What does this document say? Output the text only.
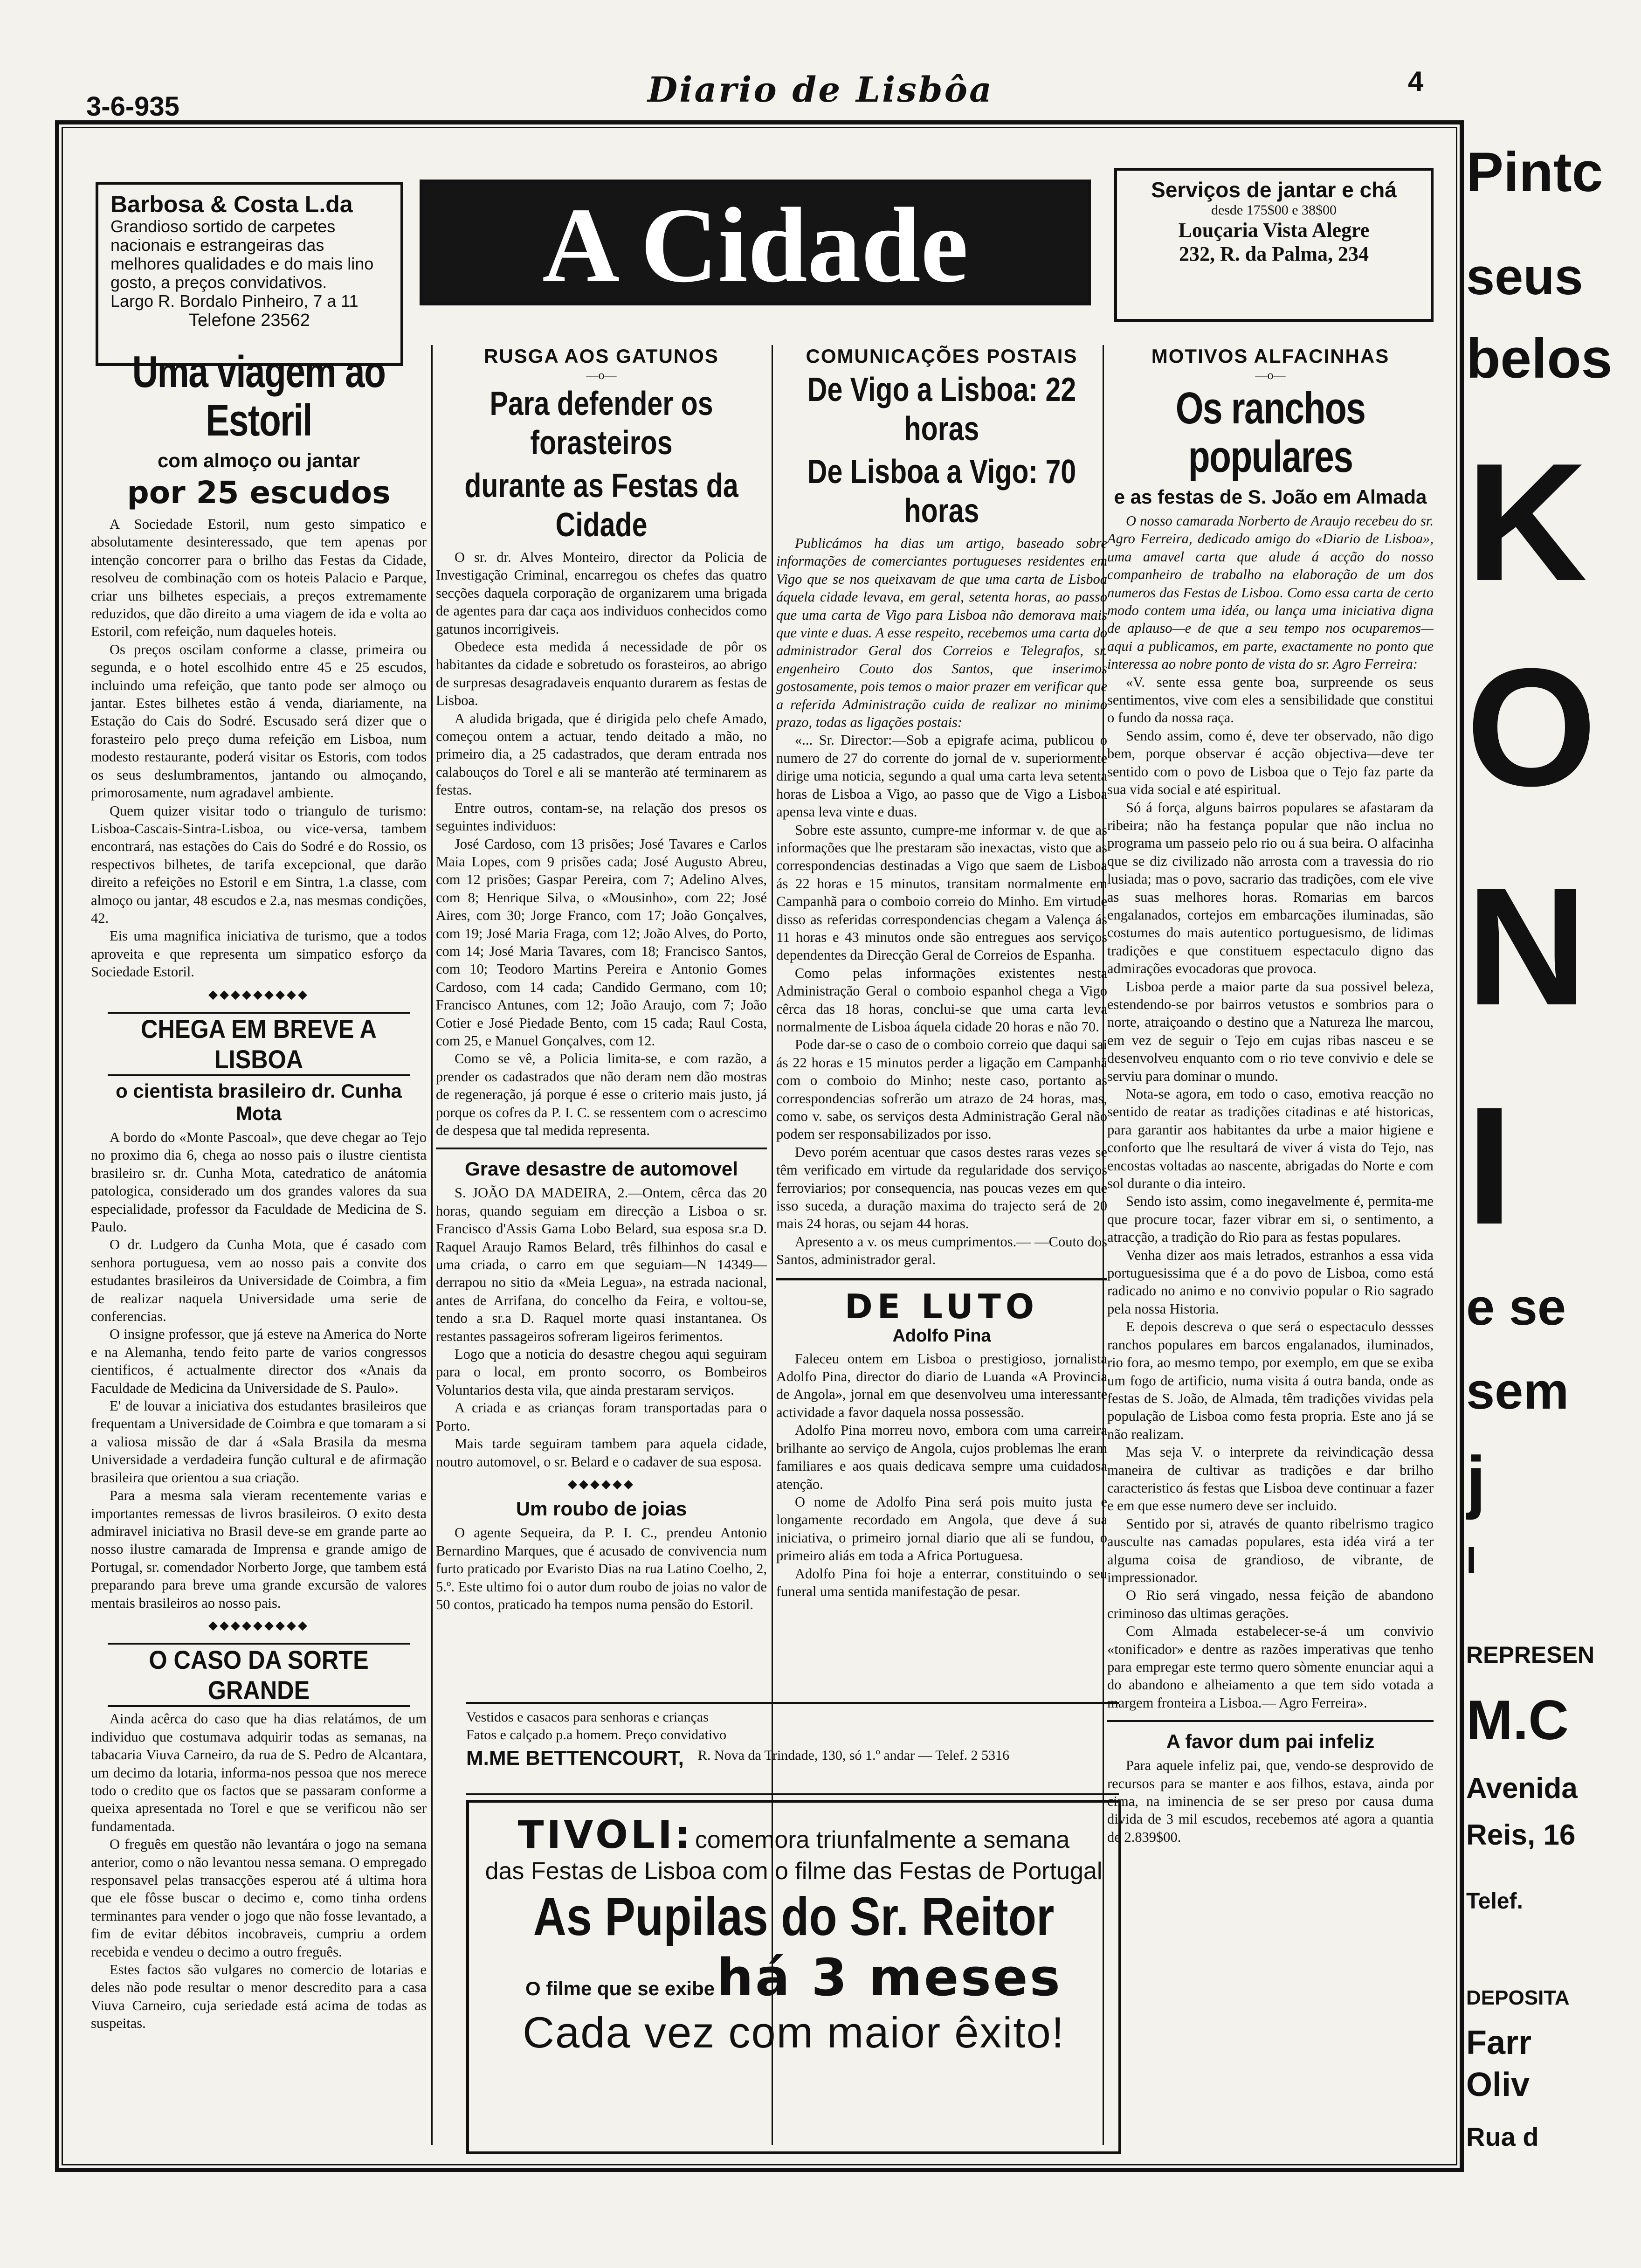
3-6-935	Diario de Lisbôa	4
Barbosa & Costa L.da
Grandioso sortido de carpetes nacionais e estrangeiras das melhores qualidades e do mais lino gosto, a preços convidativos.
Largo R. Bordalo Pinheiro, 7 a 11
Telefone 23562
A Cidade	Serviços de jantar e chá
desde 175$00 e 38$00
Louçaria Vista Alegre
232, R. da Palma, 234
Uma viagem ao Estoril
com almoço ou jantar
por 25 escudos

A Sociedade Estoril, num gesto simpatico e absolutamente desinteressado, que tem apenas por intenção concorrer para o brilho das Festas da Cidade, resolveu de combinação com os hoteis Palacio e Parque, criar uns bilhetes especiais, a preços extremamente reduzidos, que dão direito a uma viagem de ida e volta ao Estoril, com refeição, num daqueles hoteis.

Os preços oscilam conforme a classe, primeira ou segunda, e o hotel escolhido entre 45 e 25 escudos, incluindo uma refeição, que tanto pode ser almoço ou jantar. Estes bilhetes estão á venda, diariamente, na Estação do Cais do Sodré. Escusado será dizer que o forasteiro pelo preço duma refeição em Lisboa, num modesto restaurante, poderá visitar os Estoris, com todos os seus deslumbramentos, jantando ou almoçando, primorosamente, num agradavel ambiente.

Quem quizer visitar todo o triangulo de turismo: Lisboa-Cascais-Sintra-Lisboa, ou vice-versa, tambem encontrará, nas estações do Cais do Sodré e do Rossio, os respectivos bilhetes, de tarifa excepcional, que darão direito a refeições no Estoril e em Sintra, 1.a classe, com almoço ou jantar, 48 escudos e 2.a, nas mesmas condições, 42.

Eis uma magnifica iniciativa de turismo, que a todos aproveita e que representa um simpatico esforço da Sociedade Estoril.

◆◆◆◆◆◆◆◆◆
CHEGA EM BREVE A LISBOA
o cientista brasileiro dr. Cunha Mota

A bordo do «Monte Pascoal», que deve chegar ao Tejo no proximo dia 6, chega ao nosso pais o ilustre cientista brasileiro sr. dr. Cunha Mota, catedratico de anátomia patologica, considerado um dos grandes valores da sua especialidade, professor da Faculdade de Medicina de S. Paulo.

O dr. Ludgero da Cunha Mota, que é casado com senhora portuguesa, vem ao nosso pais a convite dos estudantes brasileiros da Universidade de Coimbra, a fim de realizar naquela Universidade uma serie de conferencias.

O insigne professor, que já esteve na America do Norte e na Alemanha, tendo feito parte de varios congressos cientificos, é actualmente director dos «Anais da Faculdade de Medicina da Universidade de S. Paulo».

E' de louvar a iniciativa dos estudantes brasileiros que frequentam a Universidade de Coimbra e que tomaram a si a valiosa missão de dar á «Sala Brasila da mesma Universidade a verdadeira função cultural e de afirmação brasileira que orientou a sua criação.

Para a mesma sala vieram recentemente varias e importantes remessas de livros brasileiros. O exito desta admiravel iniciativa no Brasil deve-se em grande parte ao nosso ilustre camarada de Imprensa e grande amigo de Portugal, sr. comendador Norberto Jorge, que tambem está preparando para breve uma grande excursão de valores mentais brasileiros ao nosso pais.

◆◆◆◆◆◆◆◆◆
O CASO DA SORTE GRANDE

Ainda acêrca do caso que ha dias relatámos, de um individuo que costumava adquirir todas as semanas, na tabacaria Viuva Carneiro, da rua de S. Pedro de Alcantara, um decimo da lotaria, informa-nos pessoa que nos merece todo o credito que os factos que se passaram conforme a queixa apresentada no Torel e que se verificou não ser fundamentada.

O freguês em questão não levantára o jogo na semana anterior, como o não levantou nessa semana. O empregado responsavel pelas transacções esperou até á ultima hora que ele fôsse buscar o decimo e, como tinha ordens terminantes para vender o jogo que não fosse levantado, a fim de evitar débitos incobraveis, cumpriu a ordem recebida e vendeu o decimo a outro freguês.

Estes factos são vulgares no comercio de lotarias e deles não pode resultar o menor descredito para a casa Viuva Carneiro, cuja seriedade está acima de todas as suspeitas.

RUSGA AOS GATUNOS
—o—
Para defender os forasteiros
durante as Festas da Cidade

O sr. dr. Alves Monteiro, director da Policia de Investigação Criminal, encarregou os chefes das quatro secções daquela corporação de organizarem uma brigada de agentes para dar caça aos individuos conhecidos como gatunos incorrigiveis.

Obedece esta medida á necessidade de pôr os habitantes da cidade e sobretudo os forasteiros, ao abrigo de surpresas desagradaveis enquanto durarem as festas de Lisboa.

A aludida brigada, que é dirigida pelo chefe Amado, começou ontem a actuar, tendo deitado a mão, no primeiro dia, a 25 cadastrados, que deram entrada nos calabouços do Torel e ali se manterão até terminarem as festas.

Entre outros, contam-se, na relação dos presos os seguintes individuos:

José Cardoso, com 13 prisões; José Tavares e Carlos Maia Lopes, com 9 prisões cada; José Augusto Abreu, com 12 prisões; Gaspar Pereira, com 7; Adelino Alves, com 8; Henrique Silva, o «Mousinho», com 22; José Aires, com 30; Jorge Franco, com 17; João Gonçalves, com 19; José Maria Fraga, com 12; João Alves, do Porto, com 14; José Maria Tavares, com 18; Francisco Santos, com 10; Teodoro Martins Pereira e Antonio Gomes Cardoso, com 14 cada; Candido Germano, com 10; Francisco Antunes, com 12; João Araujo, com 7; João Cotier e José Piedade Bento, com 15 cada; Raul Costa, com 25, e Manuel Gonçalves, com 12.

Como se vê, a Policia limita-se, e com razão, a prender os cadastrados que não deram nem dão mostras de regeneração, já porque é esse o criterio mais justo, já porque os cofres da P. I. C. se ressentem com o acrescimo de despesa que tal medida representa.

Grave desastre de automovel

S. JOÃO DA MADEIRA, 2.—Ontem, cêrca das 20 horas, quando seguiam em direcção a Lisboa o sr. Francisco d'Assis Gama Lobo Belard, sua esposa sr.a D. Raquel Araujo Ramos Belard, três filhinhos do casal e uma criada, o carro em que seguiam—N 14349—derrapou no sitio da «Meia Legua», na estrada nacional, antes de Arrifana, do concelho da Feira, e voltou-se, tendo a sr.a D. Raquel morte quasi instantanea. Os restantes passageiros sofreram ligeiros ferimentos.

Logo que a noticia do desastre chegou aqui seguiram para o local, em pronto socorro, os Bombeiros Voluntarios desta vila, que ainda prestaram serviços.

A criada e as crianças foram transportadas para o Porto.

Mais tarde seguiram tambem para aquela cidade, noutro automovel, o sr. Belard e o cadaver de sua esposa.

◆◆◆◆◆◆
Um roubo de joias

O agente Sequeira, da P. I. C., prendeu Antonio Bernardino Marques, que é acusado de convivencia num furto praticado por Evaristo Dias na rua Latino Coelho, 2, 5.º. Este ultimo foi o autor dum roubo de joias no valor de 50 contos, praticado ha tempos numa pensão do Estoril.

COMUNICAÇÕES POSTAIS
De Vigo a Lisboa: 22 horas
De Lisboa a Vigo: 70 horas

Publicámos ha dias um artigo, baseado sobre informações de comerciantes portugueses residentes em Vigo que se nos queixavam de que uma carta de Lisboa áquela cidade levava, em geral, setenta horas, ao passo que uma carta de Vigo para Lisboa não demorava mais que vinte e duas. A esse respeito, recebemos uma carta do administrador Geral dos Correios e Telegrafos, sr. engenheiro Couto dos Santos, que inserimos gostosamente, pois temos o maior prazer em verificar que a referida Administração cuida de realizar no minimo prazo, todas as ligações postais:

«... Sr. Director:—Sob a epigrafe acima, publicou o numero de 27 do corrente do jornal de v. superiormente dirige uma noticia, segundo a qual uma carta leva setenta horas de Lisboa a Vigo, ao passo que de Vigo a Lisboa apensa leva vinte e duas.

Sobre este assunto, cumpre-me informar v. de que as informações que lhe prestaram são inexactas, visto que as correspondencias destinadas a Vigo que saem de Lisboa ás 22 horas e 15 minutos, transitam normalmente em Campanhã para o comboio correio do Minho. Em virtude disso as referidas correspondencias chegam a Valença ás 11 horas e 43 minutos onde são entregues aos serviços dependentes da Direcção Geral de Correios de Espanha.

Como pelas informações existentes nesta Administração Geral o comboio espanhol chega a Vigo cêrca das 18 horas, conclui-se que uma carta leva normalmente de Lisboa áquela cidade 20 horas e não 70.

Pode dar-se o caso de o comboio correio que daqui sai ás 22 horas e 15 minutos perder a ligação em Campanhã com o comboio do Minho; neste caso, portanto as correspondencias sofrerão um atrazo de 24 horas, mas, como v. sabe, os serviços desta Administração Geral não podem ser responsabilizados por isso.

Devo porém acentuar que casos destes raras vezes se têm verificado em virtude da regularidade dos serviços ferroviarios; por consequencia, nas poucas vezes em que isso suceda, a duração maxima do trajecto será de 20 mais 24 horas, ou sejam 44 horas.

Apresento a v. os meus cumprimentos.— —Couto dos Santos, administrador geral.

DE LUTO
Adolfo Pina

Faleceu ontem em Lisboa o prestigioso, jornalista Adolfo Pina, director do diario de Luanda «A Provincia de Angola», jornal em que desenvolveu uma interessante actividade a favor daquela nossa possessão.

Adolfo Pina morreu novo, embora com uma carreira brilhante ao serviço de Angola, cujos problemas lhe eram familiares e aos quais dedicava sempre uma cuidadosa atenção.

O nome de Adolfo Pina será pois muito justa e longamente recordado em Angola, que deve á sua iniciativa, o primeiro jornal diario que ali se fundou, o primeiro aliás em toda a Africa Portuguesa.

Adolfo Pina foi hoje a enterrar, constituindo o seu funeral uma sentida manifestação de pesar.

MOTIVOS ALFACINHAS
—o—
Os ranchos populares
e as festas de S. João em Almada

O nosso camarada Norberto de Araujo recebeu do sr. Agro Ferreira, dedicado amigo do «Diario de Lisboa», uma amavel carta que alude á acção do nosso companheiro de trabalho na elaboração de um dos numeros das Festas de Lisboa. Como essa carta de certo modo contem uma idéa, ou lança uma iniciativa digna de aplauso—e de que a seu tempo nos ocuparemos—aqui a publicamos, em parte, exactamente no ponto que interessa ao nobre ponto de vista do sr. Agro Ferreira:

«V. sente essa gente boa, surpreende os seus sentimentos, vive com eles a sensibilidade que constitui o fundo da nossa raça.

Sendo assim, como é, deve ter observado, não digo bem, porque observar é acção objectiva—deve ter sentido com o povo de Lisboa que o Tejo faz parte da sua vida social e até espiritual.

Só á força, alguns bairros populares se afastaram da ribeira; não ha festança popular que não inclua no programa um passeio pelo rio ou á sua beira. O alfacinha que se diz civilizado não arrosta com a travessia do rio lusiada; mas o povo, sacrario das tradições, com ele vive as suas melhores horas. Romarias em barcos engalanados, cortejos em embarcações iluminadas, são costumes do mais autentico portuguesismo, de lidimas tradições e que constituem espectaculo digno das admirações evocadoras que provoca.

Lisboa perde a maior parte da sua possivel beleza, estendendo-se por bairros vetustos e sombrios para o norte, atraiçoando o destino que a Natureza lhe marcou, em vez de seguir o Tejo em cujas ribas nasceu e se desenvolveu enquanto com o rio teve convivio e dele se serviu para dominar o mundo.

Nota-se agora, em todo o caso, emotiva reacção no sentido de reatar as tradições citadinas e até historicas, para garantir aos habitantes da urbe a maior higiene e conforto que lhe resultará de viver á vista do Tejo, nas encostas voltadas ao nascente, abrigadas do Norte e com sol durante o dia inteiro.

Sendo isto assim, como inegavelmente é, permita-me que procure tocar, fazer vibrar em si, o sentimento, a atracção, a tradição do Rio para as festas populares.

Venha dizer aos mais letrados, estranhos a essa vida portuguesissima que é a do povo de Lisboa, como está radicado no animo e no convivio popular o Rio sagrado pela nossa Historia.

E depois descreva o que será o espectaculo dessses ranchos populares em barcos engalanados, iluminados, rio fora, ao mesmo tempo, por exemplo, em que se exiba um fogo de artificio, numa visita á outra banda, onde as festas de S. João, de Almada, têm tradições vividas pela população de Lisboa como festa propria. Este ano já se não realizam.

Mas seja V. o interprete da reivindicação dessa maneira de cultivar as tradições e dar brilho caracteristico ás festas que Lisboa deve continuar a fazer e em que esse numero deve ser incluido.

Sentido por si, através de quanto ribelrismo tragico ausculte nas camadas populares, esta idéa virá a ter alguma coisa de grandioso, de vibrante, de impressionador.

O Rio será vingado, nessa feição de abandono criminoso das ultimas gerações.

Com Almada estabelecer-se-á um convivio «tonificador» e dentre as razões imperativas que tenho para empregar este termo quero sòmente enunciar aqui a do abandono e alheiamento a que tem sido votada a margem fronteira a Lisboa.— Agro Ferreira».

A favor dum pai infeliz

Para aquele infeliz pai, que, vendo-se desprovido de recursos para se manter e aos filhos, estava, ainda por cima, na iminencia de se ser preso por causa duma divida de 3 mil escudos, recebemos até agora a quantia de 2.839$00.

Vestidos e casacos para senhoras e crianças
Fatos e calçado p.a homem. Preço convidativo
M.ME BETTENCOURT, R. Nova da Trindade, 130, só 1.º andar — Telef. 2 5316
TIVOLI: comemora triunfalmente a semana
das Festas de Lisboa com o filme das Festas de Portugal
As Pupilas do Sr. Reitor
O filme que se exibe há 3 meses
Cada vez com maior êxito!
Pintc
seus
belos
K
O
N
I
e se
sem
j
I
REPRESEN
M.C
Avenida
Reis, 16
Telef.
DEPOSITA
Farr
Oliv
Rua d
